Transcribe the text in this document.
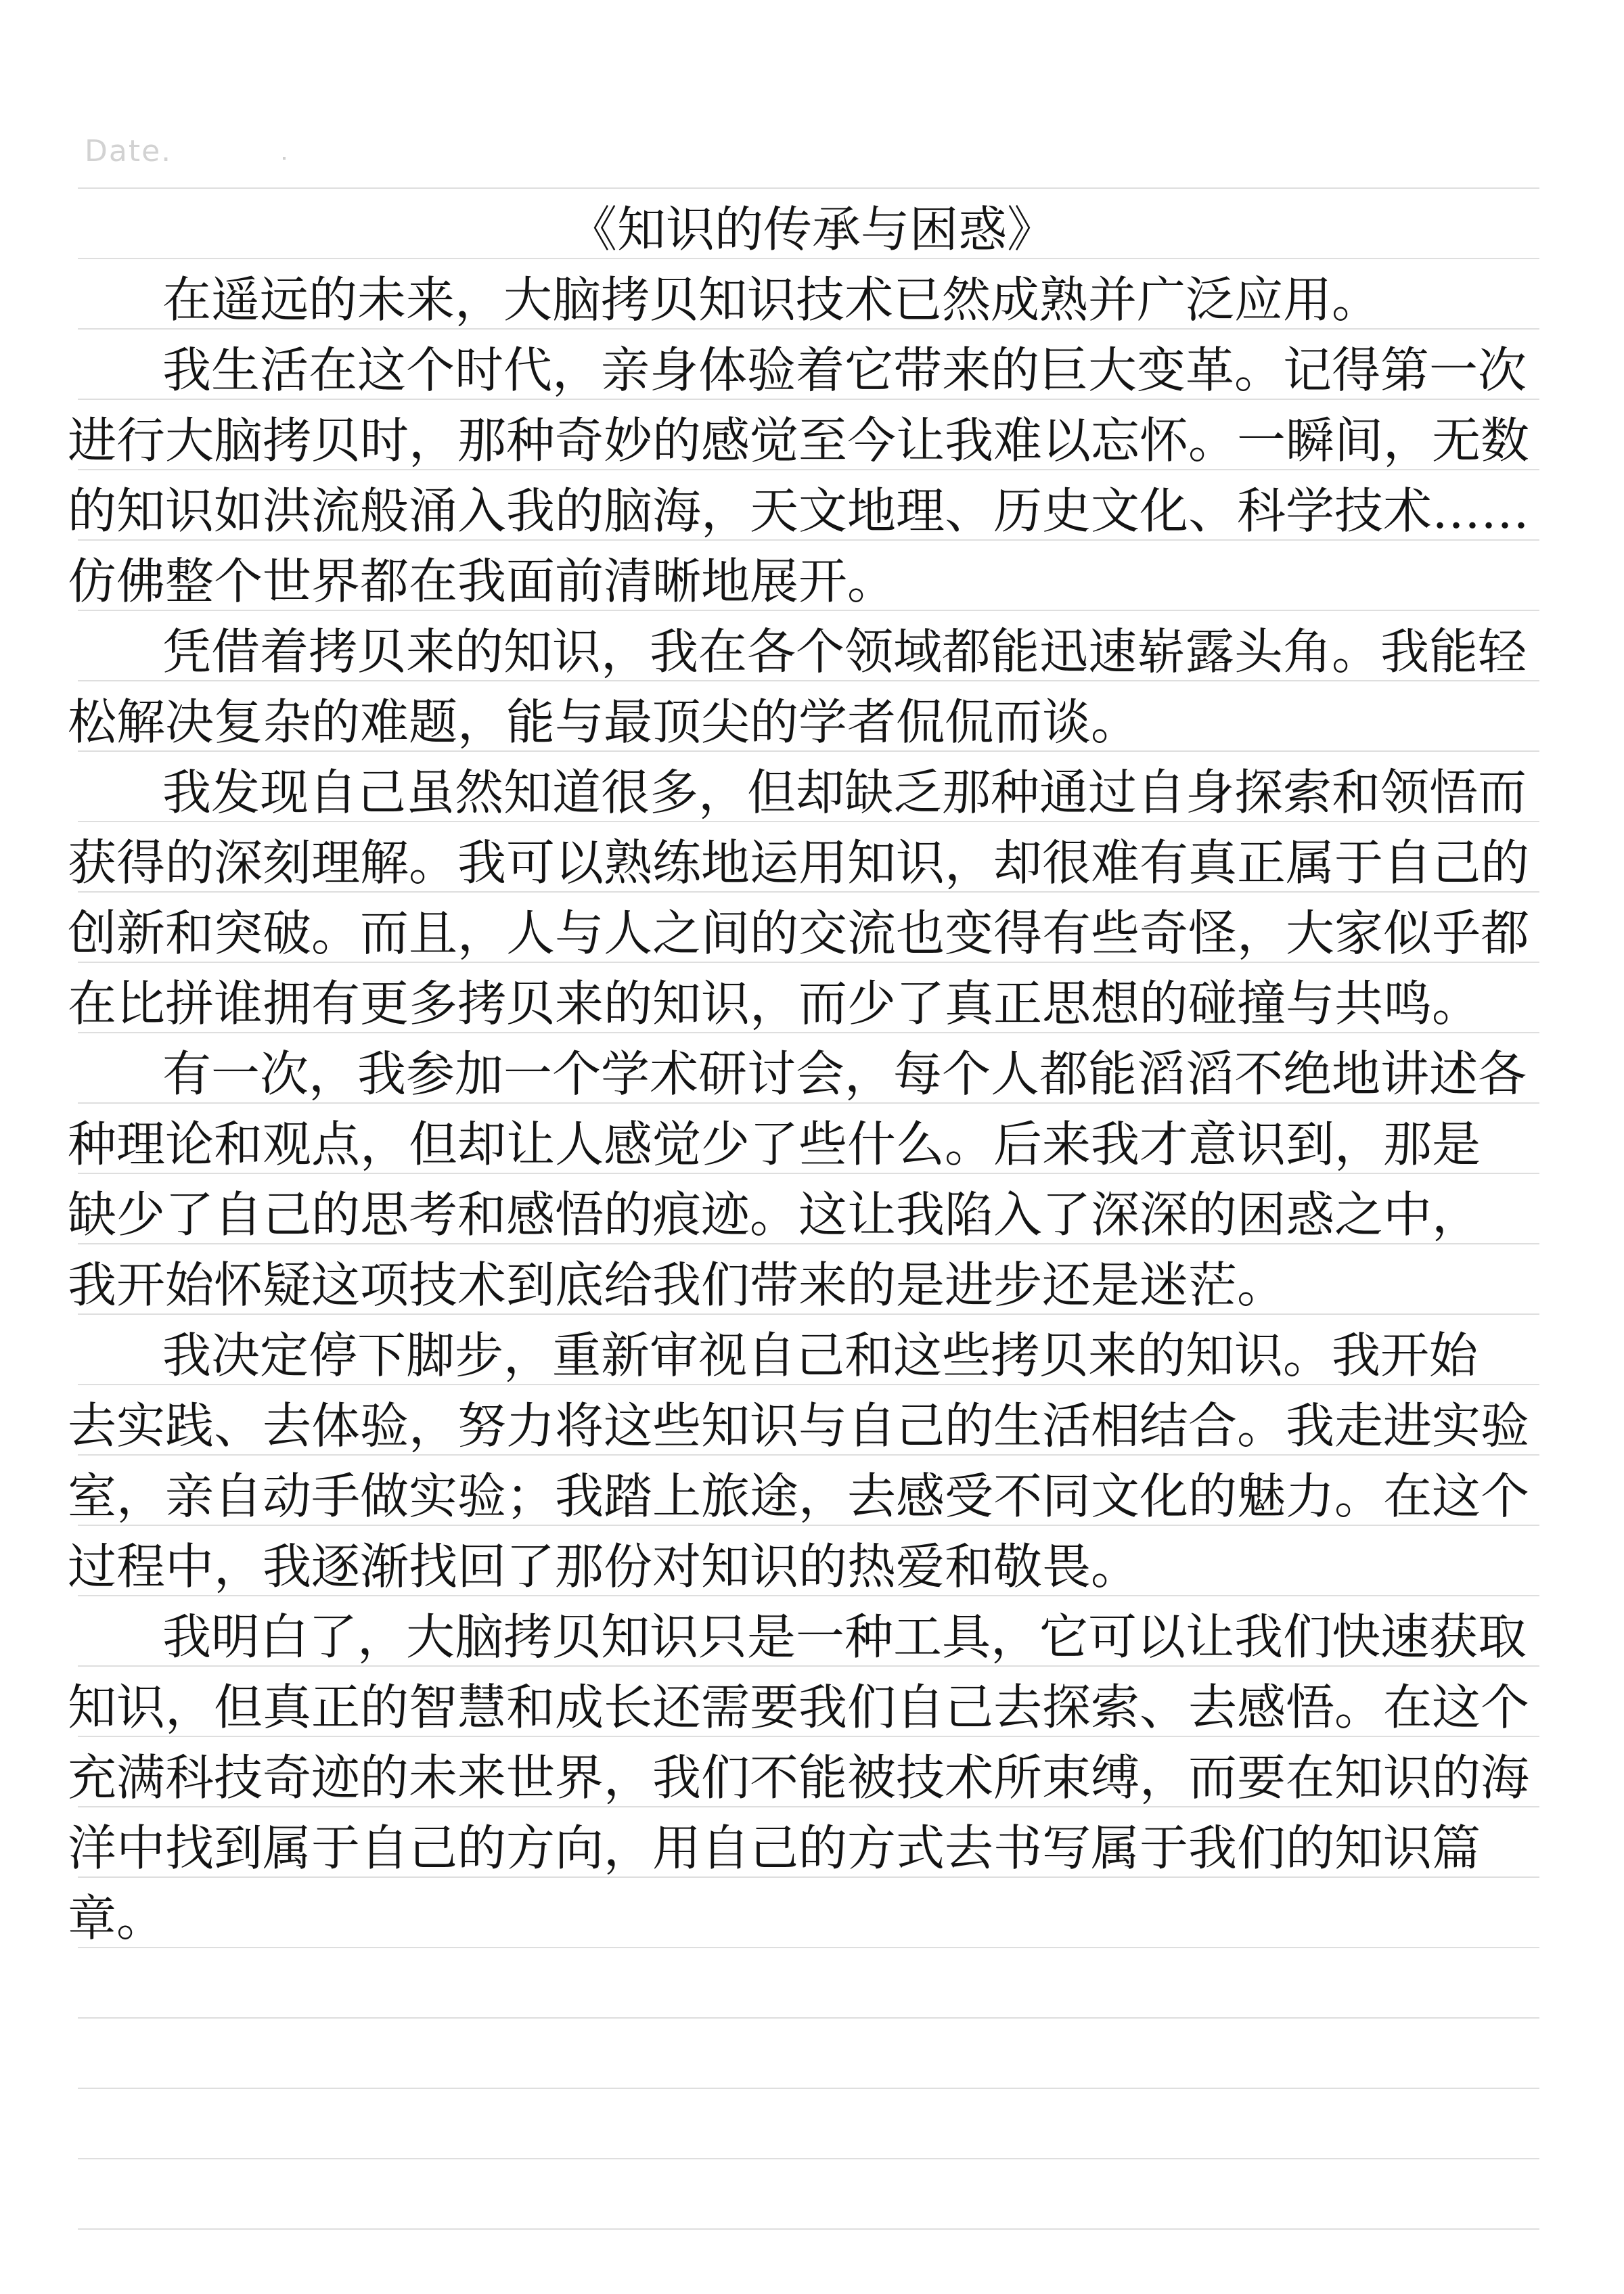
Date.
《知识的传承与困惑》
在遥远的未来，大脑拷贝知识技术已然成熟并广泛应用。
我生活在这个时代，亲身体验着它带来的巨大变革。记得第一次
进行大脑拷贝时，那种奇妙的感觉至今让我难以忘怀。一瞬间，无数
的知识如洪流般涌入我的脑海，天文地理、历史文化、科学技术……
仿佛整个世界都在我面前清晰地展开。
凭借着拷贝来的知识，我在各个领域都能迅速崭露头角。我能轻
松解决复杂的难题，能与最顶尖的学者侃侃而谈。
我发现自己虽然知道很多，但却缺乏那种通过自身探索和领悟而
获得的深刻理解。我可以熟练地运用知识，却很难有真正属于自己的
创新和突破。而且，人与人之间的交流也变得有些奇怪，大家似乎都
在比拼谁拥有更多拷贝来的知识，而少了真正思想的碰撞与共鸣。
有一次，我参加一个学术研讨会，每个人都能滔滔不绝地讲述各
种理论和观点，但却让人感觉少了些什么。后来我才意识到，那是
缺少了自己的思考和感悟的痕迹。这让我陷入了深深的困惑之中，
我开始怀疑这项技术到底给我们带来的是进步还是迷茫。
我决定停下脚步，重新审视自己和这些拷贝来的知识。我开始
去实践、去体验，努力将这些知识与自己的生活相结合。我走进实验
室，亲自动手做实验；我踏上旅途，去感受不同文化的魅力。在这个
过程中，我逐渐找回了那份对知识的热爱和敬畏。
我明白了，大脑拷贝知识只是一种工具，它可以让我们快速获取
知识，但真正的智慧和成长还需要我们自己去探索、去感悟。在这个
充满科技奇迹的未来世界，我们不能被技术所束缚，而要在知识的海
洋中找到属于自己的方向，用自己的方式去书写属于我们的知识篇
章。
